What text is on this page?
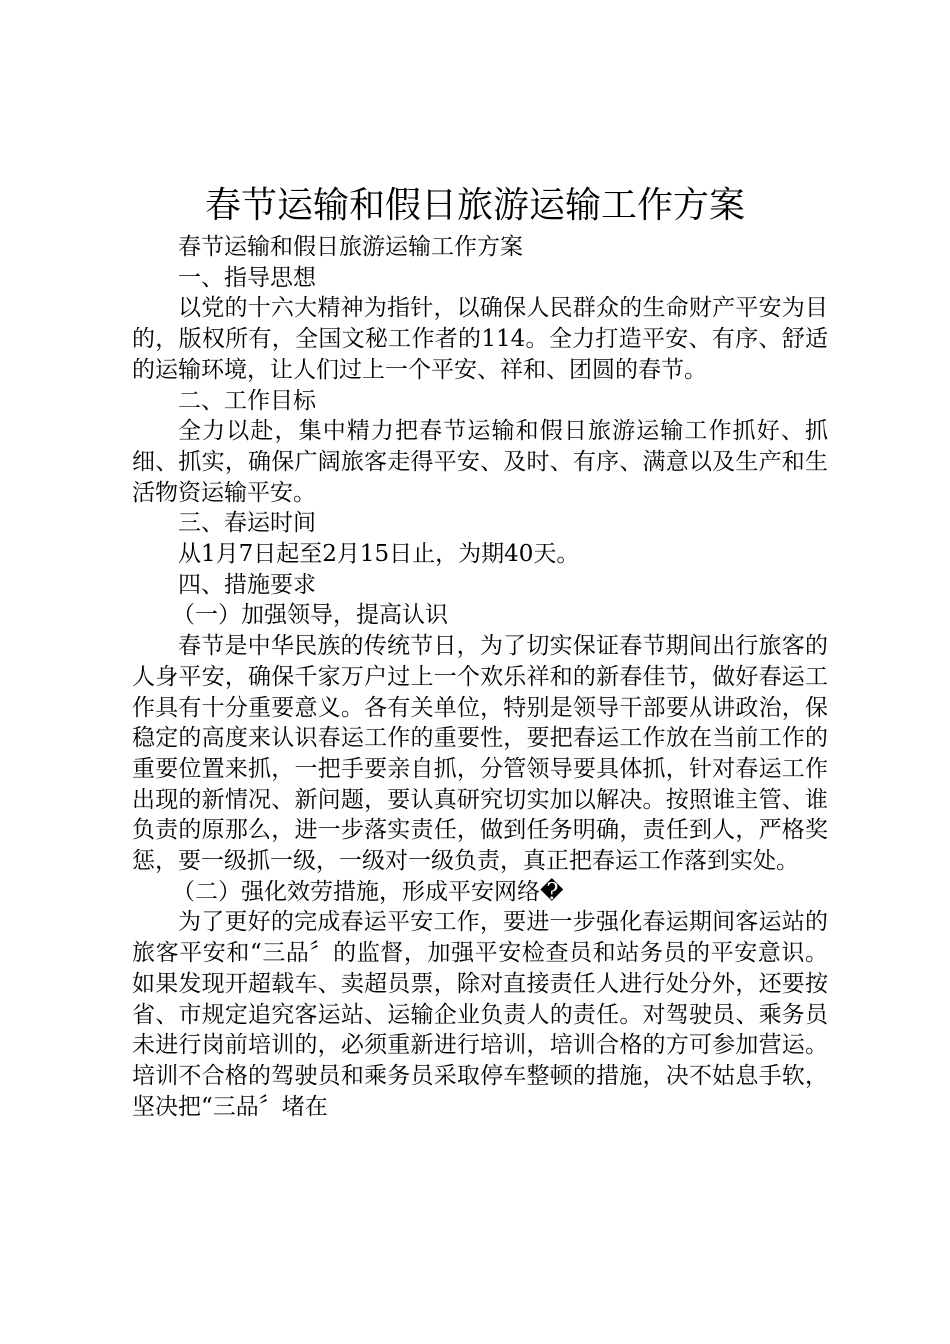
春节运输和假日旅游运输工作方案

春节运输和假日旅游运输工作方案

一、指导思想

以党的十六大精神为指针，以确保人民群众的生命财产平安为目的，版权所有，全国文秘工作者的114。全力打造平安、有序、舒适的运输环境，让人们过上一个平安、祥和、团圆的春节。

二、工作目标

全力以赴，集中精力把春节运输和假日旅游运输工作抓好、抓细、抓实，确保广阔旅客走得平安、及时、有序、满意以及生产和生活物资运输平安。

三、春运时间

从1月7日起至2月15日止，为期40天。

四、措施要求

（一）加强领导，提高认识

春节是中华民族的传统节日，为了切实保证春节期间出行旅客的人身平安，确保千家万户过上一个欢乐祥和的新春佳节，做好春运工作具有十分重要意义。各有关单位，特别是领导干部要从讲政治，保稳定的高度来认识春运工作的重要性，要把春运工作放在当前工作的重要位置来抓，一把手要亲自抓，分管领导要具体抓，针对春运工作出现的新情况、新问题，要认真研究切实加以解决。按照谁主管、谁负责的原那么，进一步落实责任，做到任务明确，责任到人，严格奖惩，要一级抓一级，一级对一级负责，真正把春运工作落到实处。

（二）强化效劳措施，形成平安网络�

为了更好的完成春运平安工作，要进一步强化春运期间客运站的旅客平安和“三品〞的监督，加强平安检查员和站务员的平安意识。如果发现开超载车、卖超员票，除对直接责任人进行处分外，还要按省、市规定追究客运站、运输企业负责人的责任。对驾驶员、乘务员未进行岗前培训的，必须重新进行培训，培训合格的方可参加营运。培训不合格的驾驶员和乘务员采取停车整顿的措施，决不姑息手软，坚决把“三品〞堵在
